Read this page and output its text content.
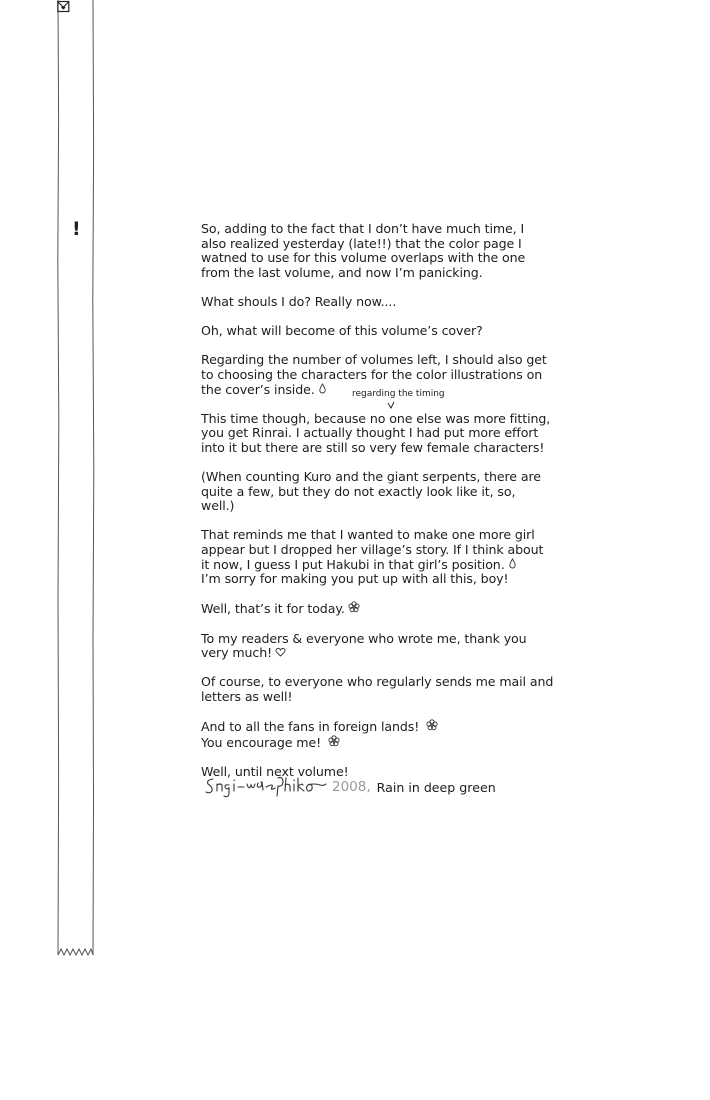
!	So, adding to the fact that I don’t have much time, I
also realized yesterday (late!!) that the color page I
watned to use for this volume overlaps with the one
from the last volume, and now I’m panicking.

What shouls I do? Really now....

Oh, what will become of this volume’s cover?

Regarding the number of volumes left, I should also get
to choosing the characters for the color illustrations on
the cover’s inside.

This time though, because no one else was more fitting,
you get Rinrai. I actually thought I had put more effort
into it but there are still so very few female characters!

(When counting Kuro and the giant serpents, there are
quite a few, but they do not exactly look like it, so,
well.)

That reminds me that I wanted to make one more girl
appear but I dropped her village’s story. If I think about
it now, I guess I put Hakubi in that girl’s position.
I’m sorry for making you put up with all this, boy!

Well, that’s it for today.

To my readers & everyone who wrote me, thank you
very much!

Of course, to everyone who regularly sends me mail and
letters as well!

And to all the fans in foreign lands!
You encourage me!

Well, until next volume!

regarding the timing
2008, Rain in deep green
